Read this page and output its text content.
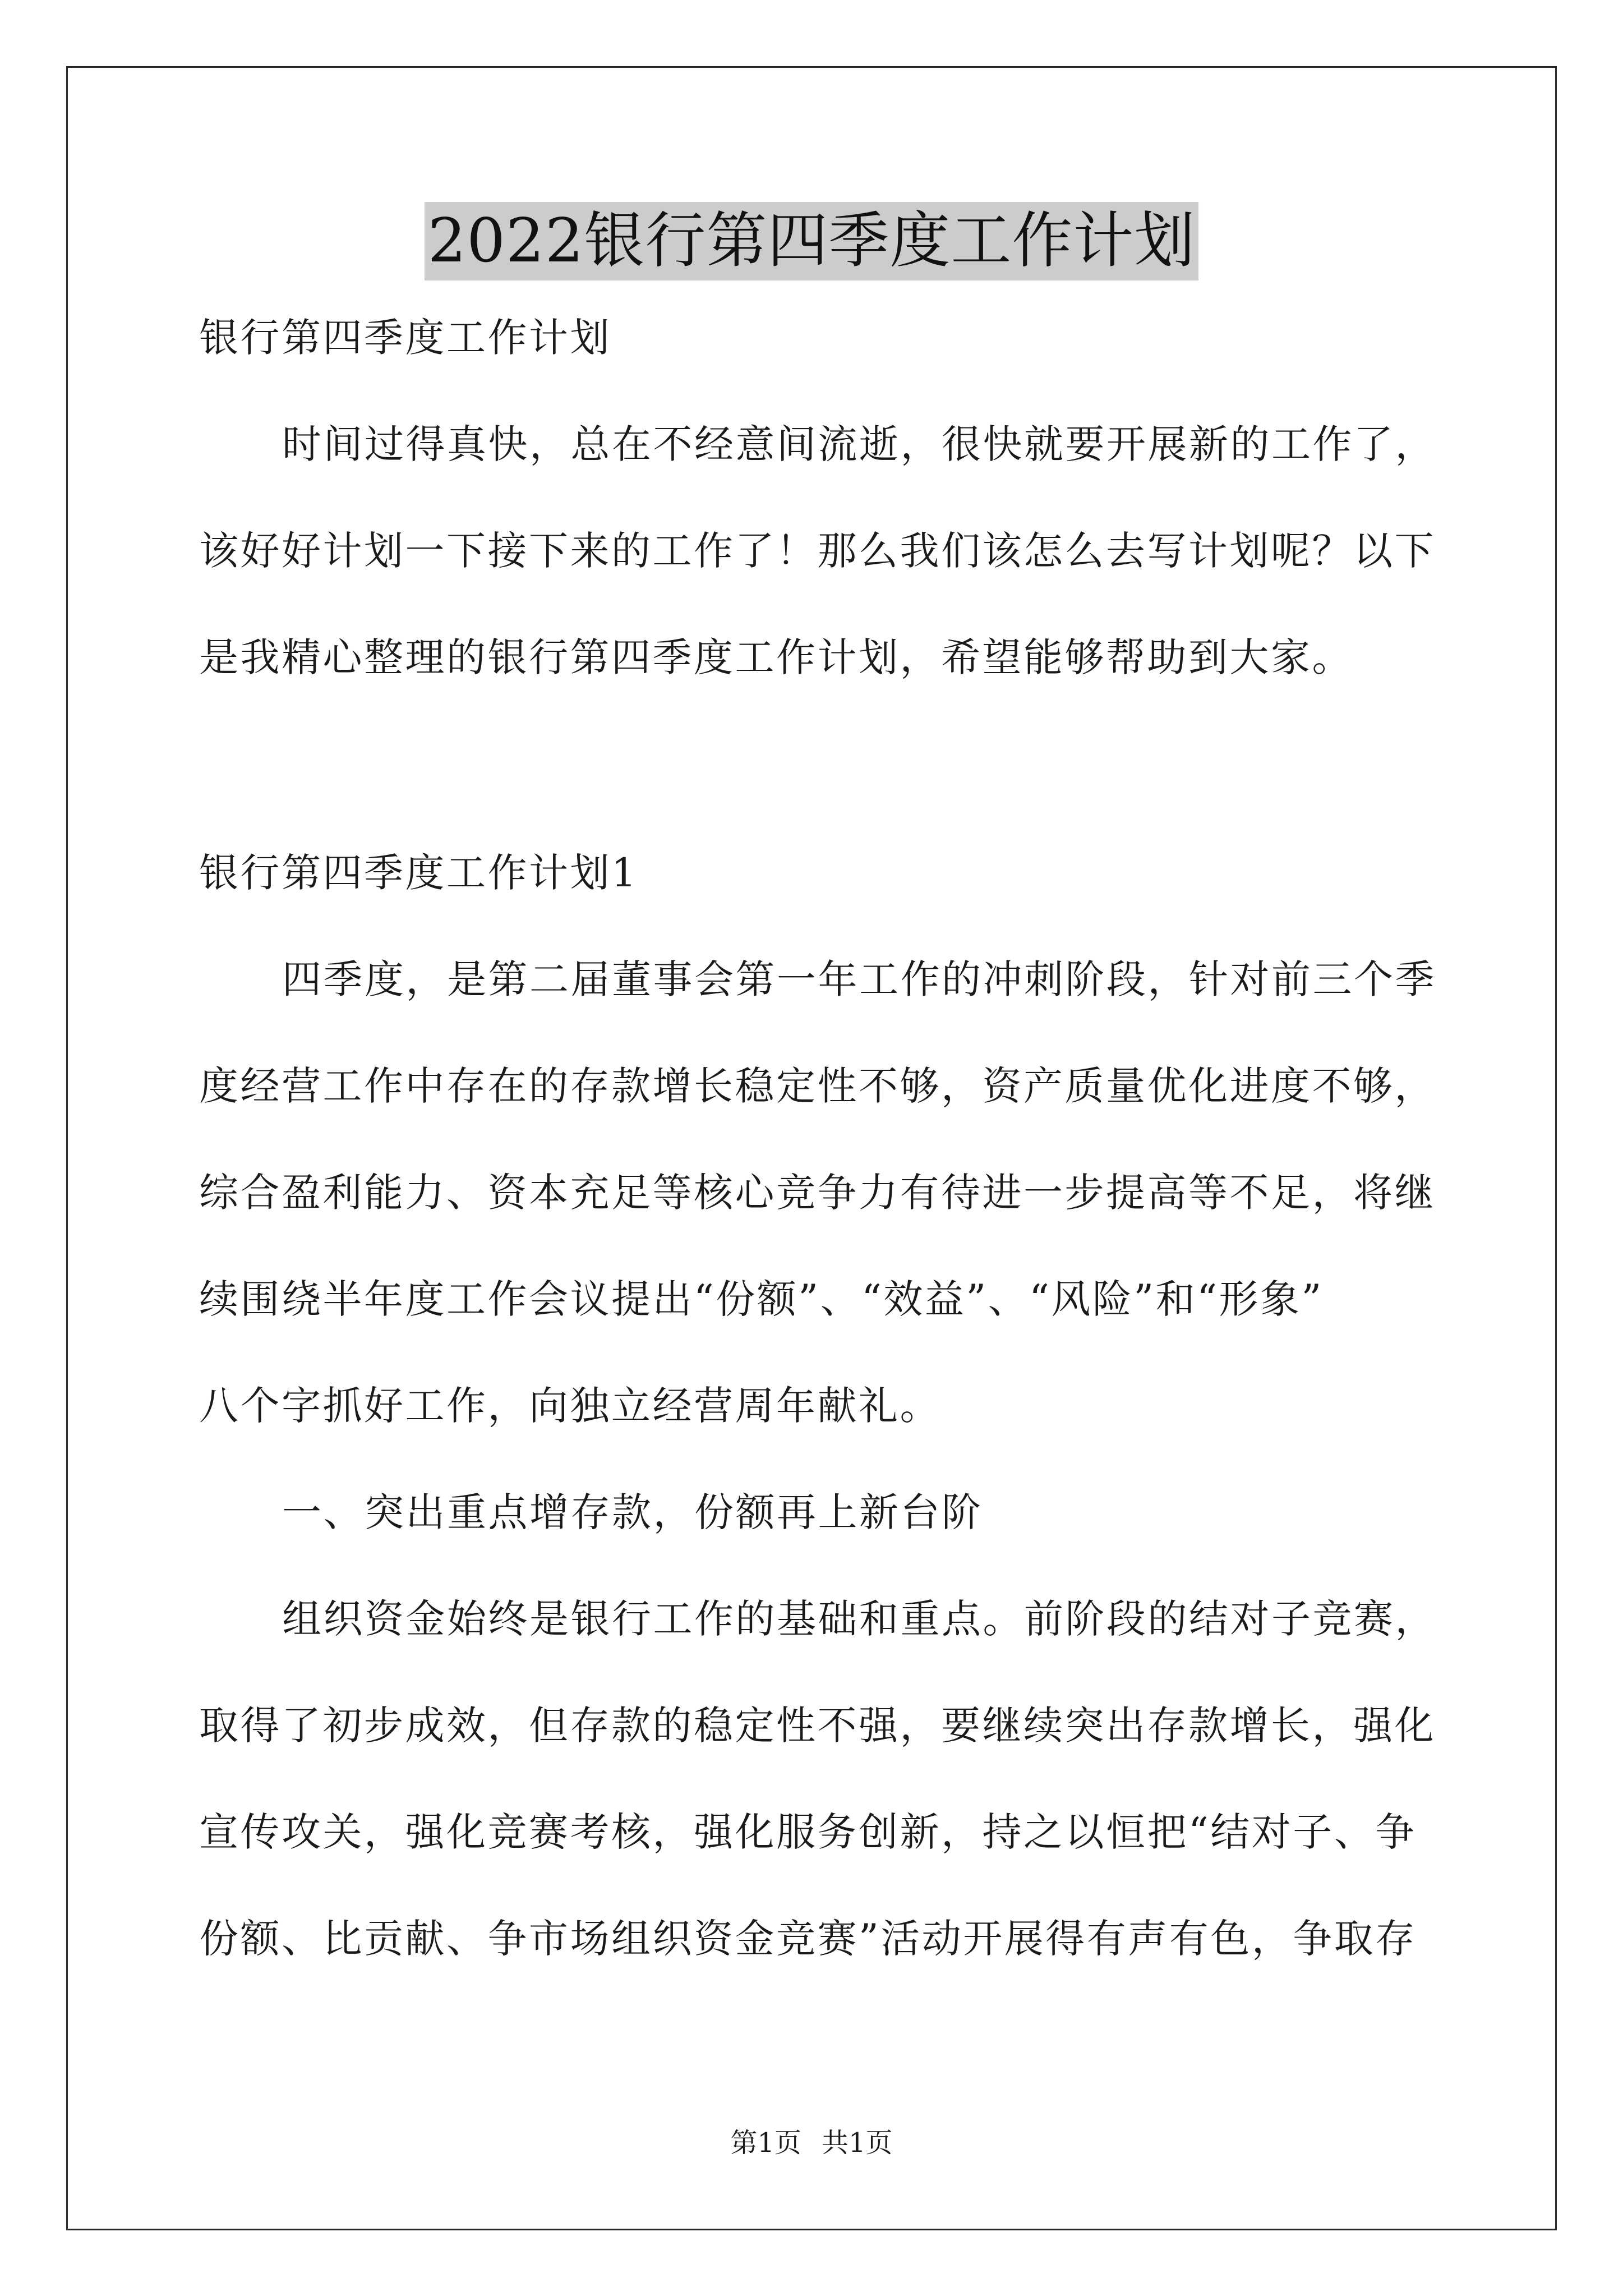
2022银行第四季度工作计划

银行第四季度工作计划

时间过得真快，总在不经意间流逝，很快就要开展新的工作了，

该好好计划一下接下来的工作了！那么我们该怎么去写计划呢？以下

是我精心整理的银行第四季度工作计划，希望能够帮助到大家。

银行第四季度工作计划1

四季度，是第二届董事会第一年工作的冲刺阶段，针对前三个季

度经营工作中存在的存款增长稳定性不够，资产质量优化进度不够，

综合盈利能力、资本充足等核心竞争力有待进一步提高等不足，将继

续围绕半年度工作会议提出“份额”、“效益”、“风险”和“形象”

八个字抓好工作，向独立经营周年献礼。

一、突出重点增存款，份额再上新台阶

组织资金始终是银行工作的基础和重点。前阶段的结对子竞赛，

取得了初步成效，但存款的稳定性不强，要继续突出存款增长，强化

宣传攻关，强化竞赛考核，强化服务创新，持之以恒把“结对子、争

份额、比贡献、争市场组织资金竞赛”活动开展得有声有色，争取存

第1页 共1页
